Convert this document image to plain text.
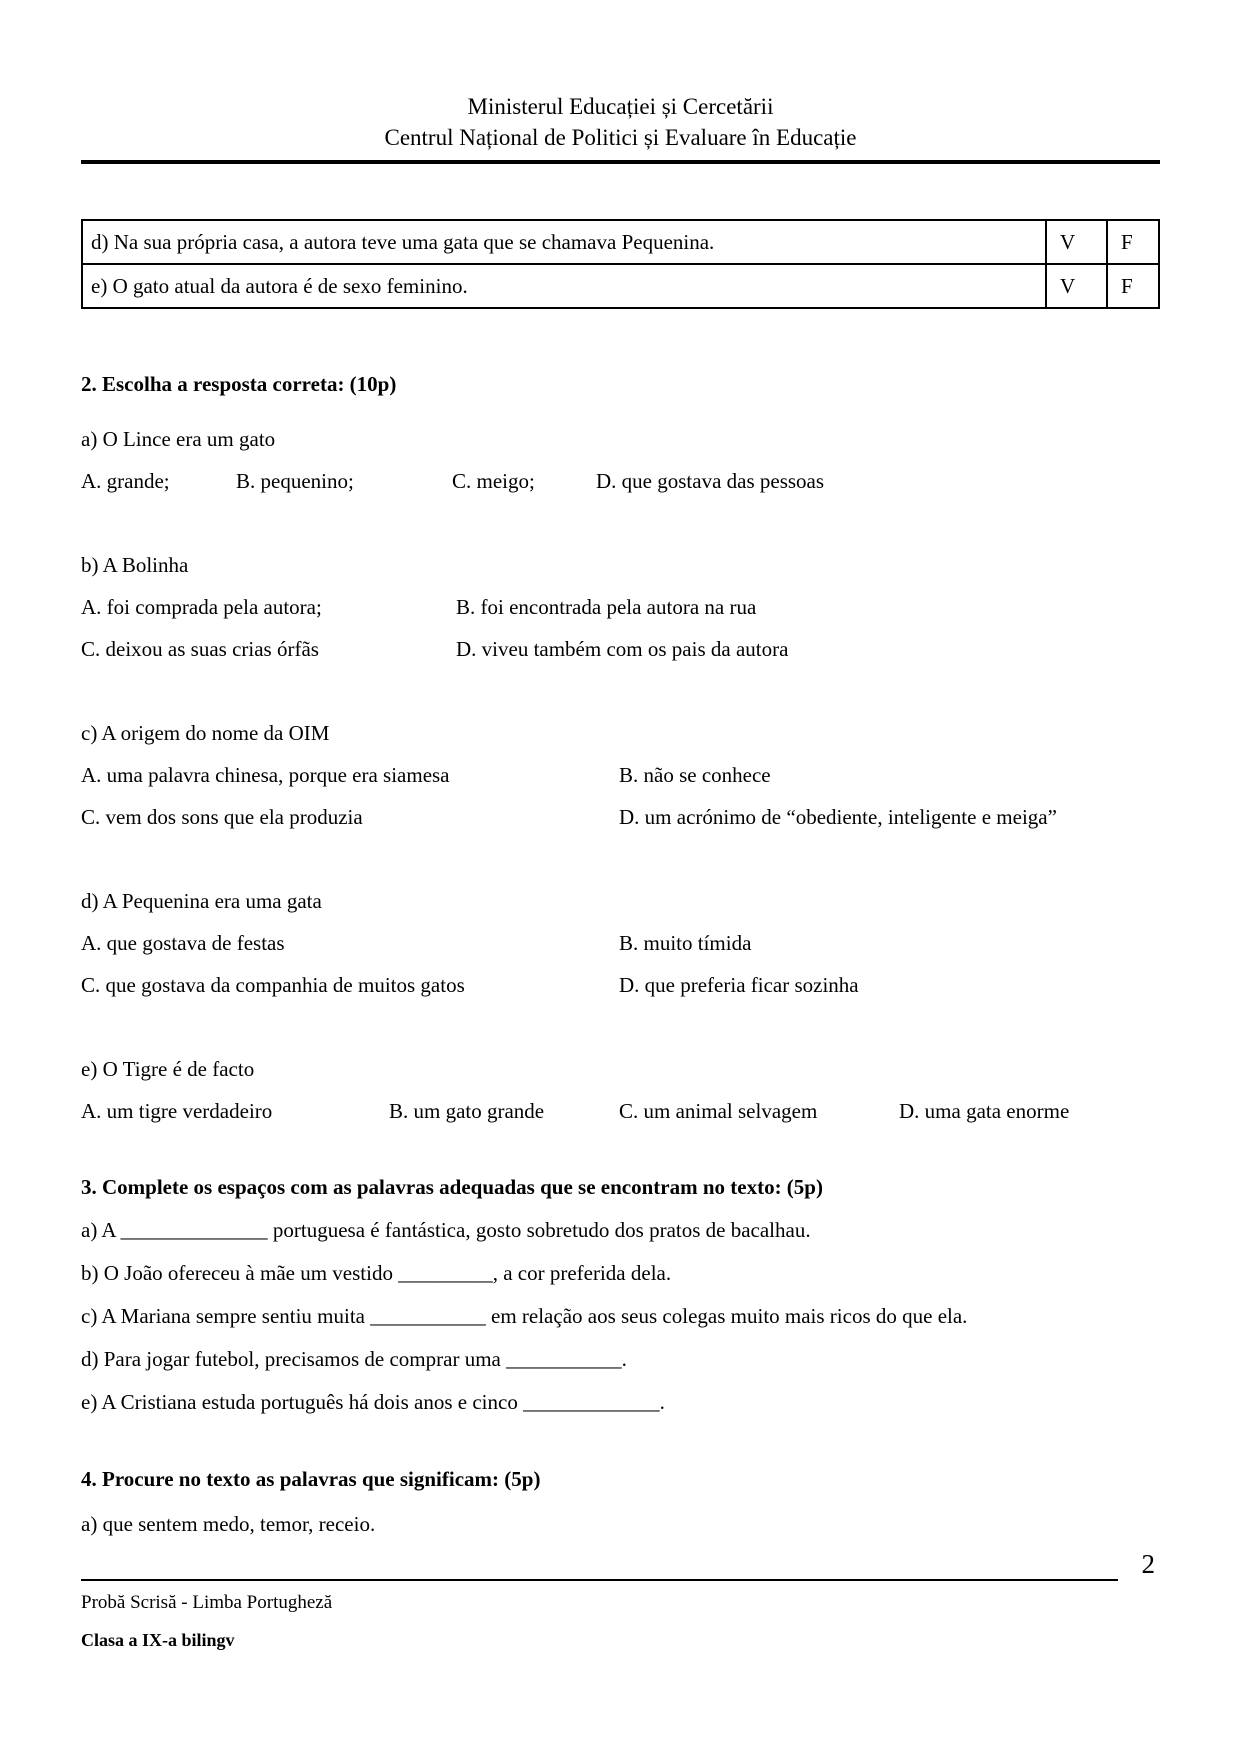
Ministerul Educației și Cercetării
Centrul Național de Politici și Evaluare în Educație
d) Na sua própria casa, a autora teve uma gata que se chamava Pequenina.	V	F
e) O gato atual da autora é de sexo feminino.	V	F
2. Escolha a resposta correta: (10p)
a) O Lince era um gato
A. grande;	B. pequenino;	C. meigo;	D. que gostava das pessoas
b) A Bolinha
A. foi comprada pela autora;	B. foi encontrada pela autora na rua
C. deixou as suas crias órfãs	D. viveu também com os pais da autora
c) A origem do nome da OIM
A. uma palavra chinesa, porque era siamesa	B. não se conhece
C. vem dos sons que ela produzia	D. um acrónimo de “obediente, inteligente e meiga”
d) A Pequenina era uma gata
A. que gostava de festas	B. muito tímida
C. que gostava da companhia de muitos gatos	D. que preferia ficar sozinha
e) O Tigre é de facto
A. um tigre verdadeiro	B. um gato grande	C. um animal selvagem	D. uma gata enorme
3. Complete os espaços com as palavras adequadas que se encontram no texto: (5p)
a) A ______________ portuguesa é fantástica, gosto sobretudo dos pratos de bacalhau.
b) O João ofereceu à mãe um vestido _________, a cor preferida dela.
c) A Mariana sempre sentiu muita ___________ em relação aos seus colegas muito mais ricos do que ela.
d) Para jogar futebol, precisamos de comprar uma ___________.
e) A Cristiana estuda português há dois anos e cinco _____________.
4. Procure no texto as palavras que significam: (5p)
a) que sentem medo, temor, receio.
2
Probă Scrisă - Limba Portugheză
Clasa a IX-a bilingv
